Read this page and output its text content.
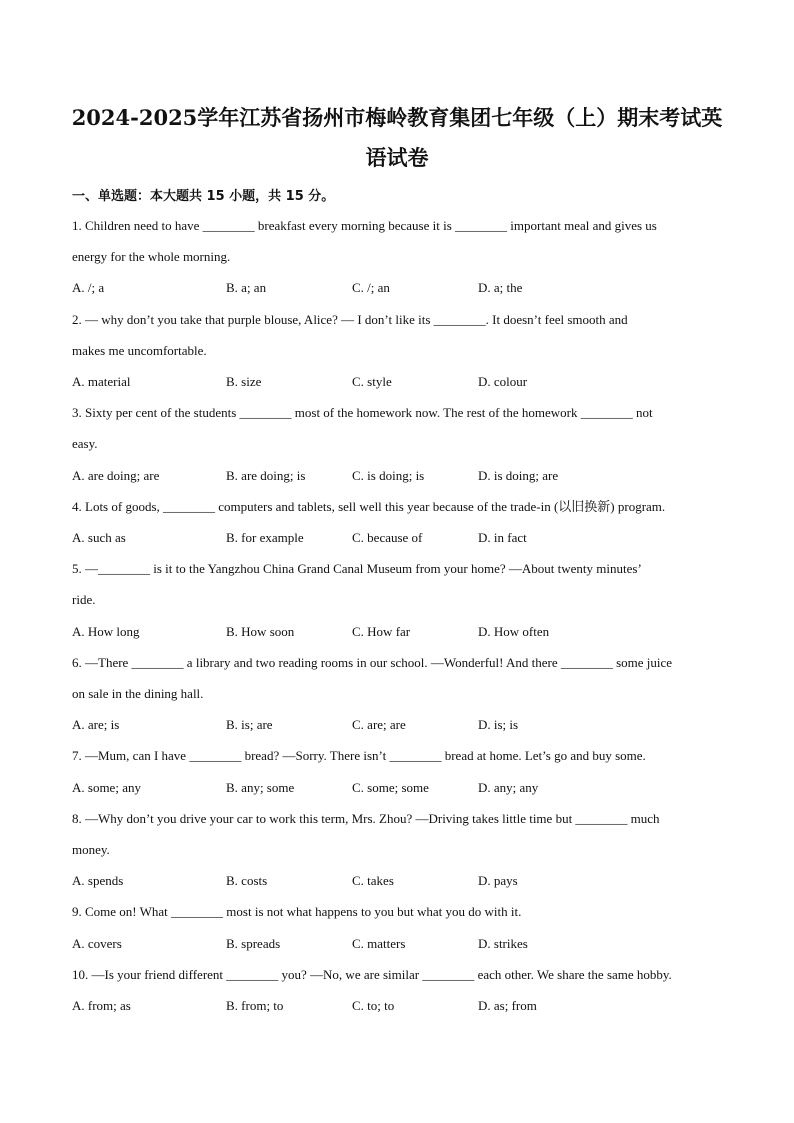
2024-2025学年江苏省扬州市梅岭教育集团七年级（上）期末考试英
语试卷
一、单选题：本大题共 15 小题，共 15 分。
1. Children need to have ________ breakfast every morning because it is ________ important meal and gives us
energy for the whole morning.
A. /; a	B. a; an	C. /; an	D. a; the
2. — why don’t you take that purple blouse, Alice? — I don’t like its ________. It doesn’t feel smooth and
makes me uncomfortable.
A. material	B. size	C. style	D. colour
3. Sixty per cent of the students ________ most of the homework now. The rest of the homework ________ not
easy.
A. are doing; are	B. are doing; is	C. is doing; is	D. is doing; are
4. Lots of goods, ________ computers and tablets, sell well this year because of the trade-in (以旧换新) program.
A. such as	B. for example	C. because of	D. in fact
5. —________ is it to the Yangzhou China Grand Canal Museum from your home? —About twenty minutes’
ride.
A. How long	B. How soon	C. How far	D. How often
6. —There ________ a library and two reading rooms in our school. —Wonderful! And there ________ some juice
on sale in the dining hall.
A. are; is	B. is; are	C. are; are	D. is; is
7. —Mum, can I have ________ bread? —Sorry. There isn’t ________ bread at home. Let’s go and buy some.
A. some; any	B. any; some	C. some; some	D. any; any
8. —Why don’t you drive your car to work this term, Mrs. Zhou? —Driving takes little time but ________ much
money.
A. spends	B. costs	C. takes	D. pays
9. Come on! What ________ most is not what happens to you but what you do with it.
A. covers	B. spreads	C. matters	D. strikes
10. —Is your friend different ________ you? —No, we are similar ________ each other. We share the same hobby.
A. from; as	B. from; to	C. to; to	D. as; from
